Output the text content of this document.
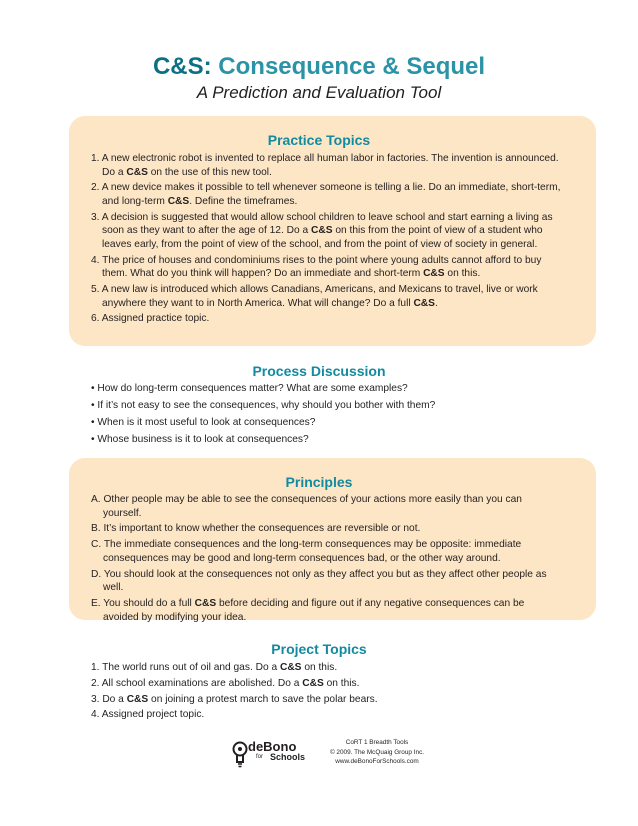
C&S: Consequence & Sequel
A Prediction and Evaluation Tool
Practice Topics
1. A new electronic robot is invented to replace all human labor in factories. The invention is announced. Do a C&S on the use of this new tool.
2. A new device makes it possible to tell whenever someone is telling a lie. Do an immediate, short-term, and long-term C&S. Define the timeframes.
3. A decision is suggested that would allow school children to leave school and start earning a living as soon as they want to after the age of 12. Do a C&S on this from the point of view of a student who leaves early, from the point of view of the school, and from the point of view of society in general.
4. The price of houses and condominiums rises to the point where young adults cannot afford to buy them. What do you think will happen? Do an immediate and short-term C&S on this.
5. A new law is introduced which allows Canadians, Americans, and Mexicans to travel, live or work anywhere they want to in North America. What will change? Do a full C&S.
6. Assigned practice topic.
Process Discussion
• How do long-term consequences matter? What are some examples?
• If it’s not easy to see the consequences, why should you bother with them?
• When is it most useful to look at consequences?
• Whose business is it to look at consequences?
Principles
A. Other people may be able to see the consequences of your actions more easily than you can yourself.
B. It’s important to know whether the consequences are reversible or not.
C. The immediate consequences and the long-term consequences may be opposite: immediate consequences may be good and long-term consequences bad, or the other way around.
D. You should look at the consequences not only as they affect you but as they affect other people as well.
E. You should do a full C&S before deciding and figure out if any negative consequences can be avoided by modifying your idea.
Project Topics
1. The world runs out of oil and gas. Do a C&S on this.
2. All school examinations are abolished. Do a C&S on this.
3. Do a C&S on joining a protest march to save the polar bears.
4. Assigned project topic.
deBono
for Schools
CoRT 1 Breadth Tools
© 2009. The McQuaig Group Inc.
www.deBonoForSchools.com
